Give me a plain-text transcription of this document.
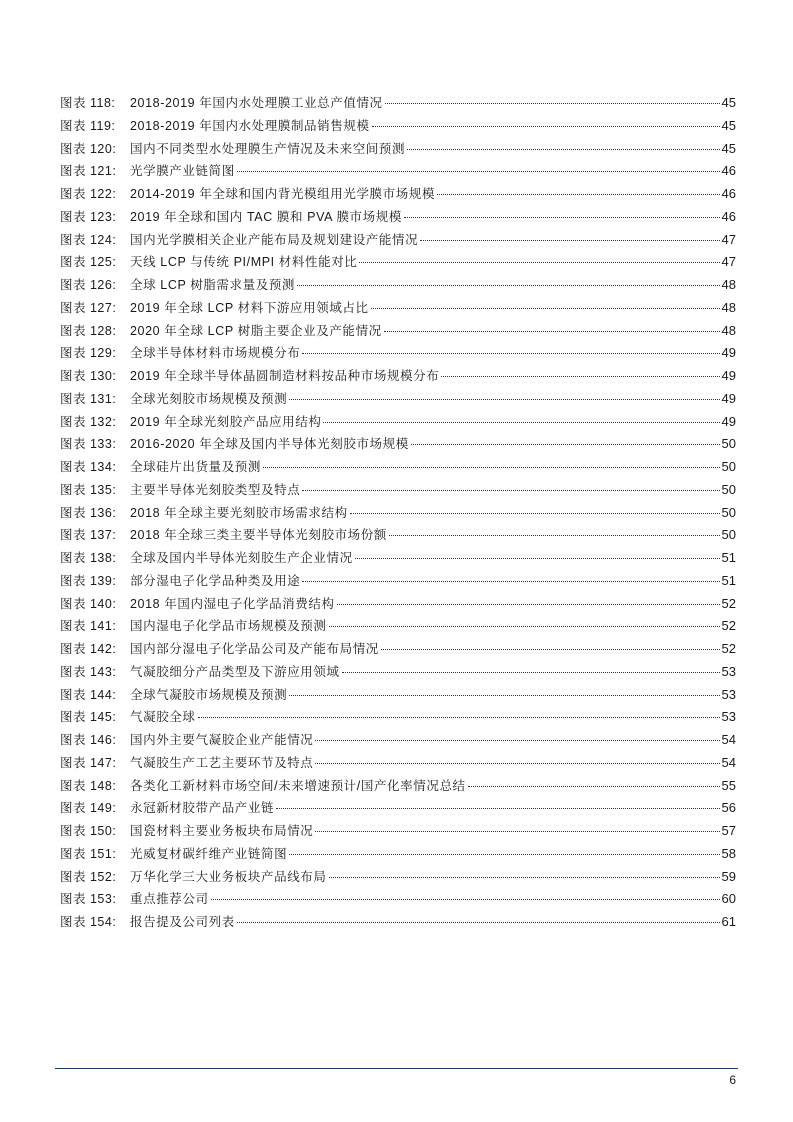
图表 118:	2018-2019 年国内水处理膜工业总产值情况	45
图表 119:	2018-2019 年国内水处理膜制品销售规模	45
图表 120:	国内不同类型水处理膜生产情况及未来空间预测	45
图表 121:	光学膜产业链简图	46
图表 122:	2014-2019 年全球和国内背光模组用光学膜市场规模	46
图表 123:	2019 年全球和国内 TAC 膜和 PVA 膜市场规模	46
图表 124:	国内光学膜相关企业产能布局及规划建设产能情况	47
图表 125:	天线 LCP 与传统 PI/MPI 材料性能对比	47
图表 126:	全球 LCP 树脂需求量及预测	48
图表 127:	2019 年全球 LCP 材料下游应用领域占比	48
图表 128:	2020 年全球 LCP 树脂主要企业及产能情况	48
图表 129:	全球半导体材料市场规模分布	49
图表 130:	2019 年全球半导体晶圆制造材料按品种市场规模分布	49
图表 131:	全球光刻胶市场规模及预测	49
图表 132:	2019 年全球光刻胶产品应用结构	49
图表 133:	2016-2020 年全球及国内半导体光刻胶市场规模	50
图表 134:	全球硅片出货量及预测	50
图表 135:	主要半导体光刻胶类型及特点	50
图表 136:	2018 年全球主要光刻胶市场需求结构	50
图表 137:	2018 年全球三类主要半导体光刻胶市场份额	50
图表 138:	全球及国内半导体光刻胶生产企业情况	51
图表 139:	部分湿电子化学品种类及用途	51
图表 140:	2018 年国内湿电子化学品消费结构	52
图表 141:	国内湿电子化学品市场规模及预测	52
图表 142:	国内部分湿电子化学品公司及产能布局情况	52
图表 143:	气凝胶细分产品类型及下游应用领域	53
图表 144:	全球气凝胶市场规模及预测	53
图表 145:	气凝胶全球	53
图表 146:	国内外主要气凝胶企业产能情况	54
图表 147:	气凝胶生产工艺主要环节及特点	54
图表 148:	各类化工新材料市场空间/未来增速预计/国产化率情况总结	55
图表 149:	永冠新材胶带产品产业链	56
图表 150:	国瓷材料主要业务板块布局情况	57
图表 151:	光威复材碳纤维产业链简图	58
图表 152:	万华化学三大业务板块产品线布局	59
图表 153:	重点推荐公司	60
图表 154:	报告提及公司列表	61
6
